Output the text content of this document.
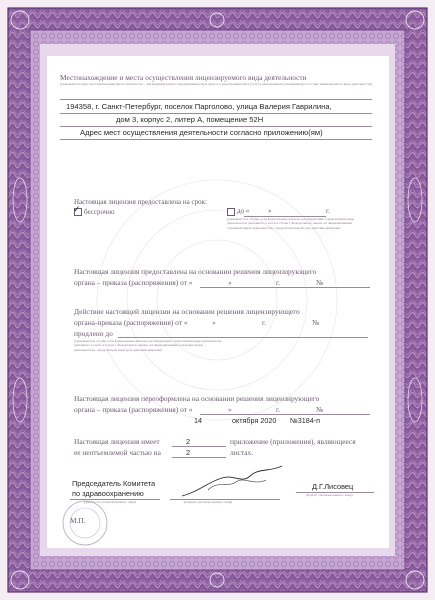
Местонахождение и места осуществления лицензируемого вида деятельности
(указываются адрес местонахождения (место жительства – для индивидуального предпринимателя) и адреса осуществления работ (услуг), выполняемых (оказываемых) в составе лицензируемого вида деятельности)
194358, г. Санкт-Петербург, поселок Парголово, улица Валерия Гаврилина,
дом 3, корпус 2, литер А, помещение 52Н
Адрес мест осуществления деятельности согласно приложению(ям)
Настоящая лицензия предоставлена на срок:
✓ бессрочно	до «	»	г.
(указывается в случае, если федеральным законом, регулирующим осуществление вида деятельности, указанного в части 4 статьи 1 Федерального закона «О лицензировании отдельных видов деятельности», предусмотрен иной срок действия лицензии)
Настоящая лицензия предоставлена на основании решения лицензирующего
органа – приказа (распоряжения) от «	»	г.	№
Действие настоящей лицензии на основании решения лицензирующего
органа-приказа (распоряжения) от «	»	г.	№
продлено до
(указывается в случае, если федеральным законом, регулирующим осуществление вида деятельности, указанного в части 4 статьи 1 Федерального закона «О лицензировании отдельных видов деятельности», предусмотрен иной срок действия лицензии)
Настоящая лицензия переоформлена на основании решения лицензирующего
органа – приказа (распоряжения) от «	»	г.	№
14	октября 2020 №3184-п
Настоящая лицензия имеет	2	приложение (приложения), являющееся
ее неотъемлемой частью на	2	листах.
Председатель Комитета
по здравоохранению
(должность уполномоченного лица)	(подпись уполномоченного лица)
Д.Г.Лисовец
(Ф.И.О. уполномоченного лица)
М.П.
